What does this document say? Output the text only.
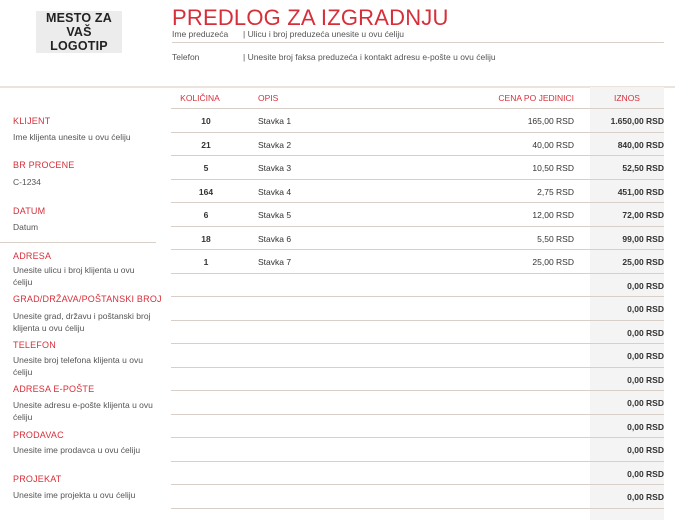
MESTO ZA
VAŠ LOGOTIP
PREDLOG ZA IZGRADNJU
Ime preduzeća | Ulicu i broj preduzeća unesite u ovu ćeliju
Telefon	| Unesite broj faksa preduzeća i kontakt adresu e-pošte u ovu ćeliju
KLIJENT
Ime klijenta unesite u ovu ćeliju
BR PROCENE
C-1234
DATUM
Datum
ADRESA
Unesite ulicu i broj klijenta u ovu ćeliju
GRAD/DRŽAVA/POŠTANSKI BROJ
Unesite grad, državu i poštanski broj klijenta u ovu ćeliju
TELEFON
Unesite broj telefona klijenta u ovu ćeliju
ADRESA E-POŠTE
Unesite adresu e-pošte klijenta u ovu ćeliju
PRODAVAC
Unesite ime prodavca u ovu ćeliju
PROJEKAT
Unesite ime projekta u ovu ćeliju
KOLIČINA	OPIS	CENA PO JEDINICI	IZNOS
10	Stavka 1	165,00 RSD	1.650,00 RSD
21	Stavka 2	40,00 RSD	840,00 RSD
5	Stavka 3	10,50 RSD	52,50 RSD
164	Stavka 4	2,75 RSD	451,00 RSD
6	Stavka 5	12,00 RSD	72,00 RSD
18	Stavka 6	5,50 RSD	99,00 RSD
1	Stavka 7	25,00 RSD	25,00 RSD
0,00 RSD
0,00 RSD
0,00 RSD
0,00 RSD
0,00 RSD
0,00 RSD
0,00 RSD
0,00 RSD
0,00 RSD
0,00 RSD
